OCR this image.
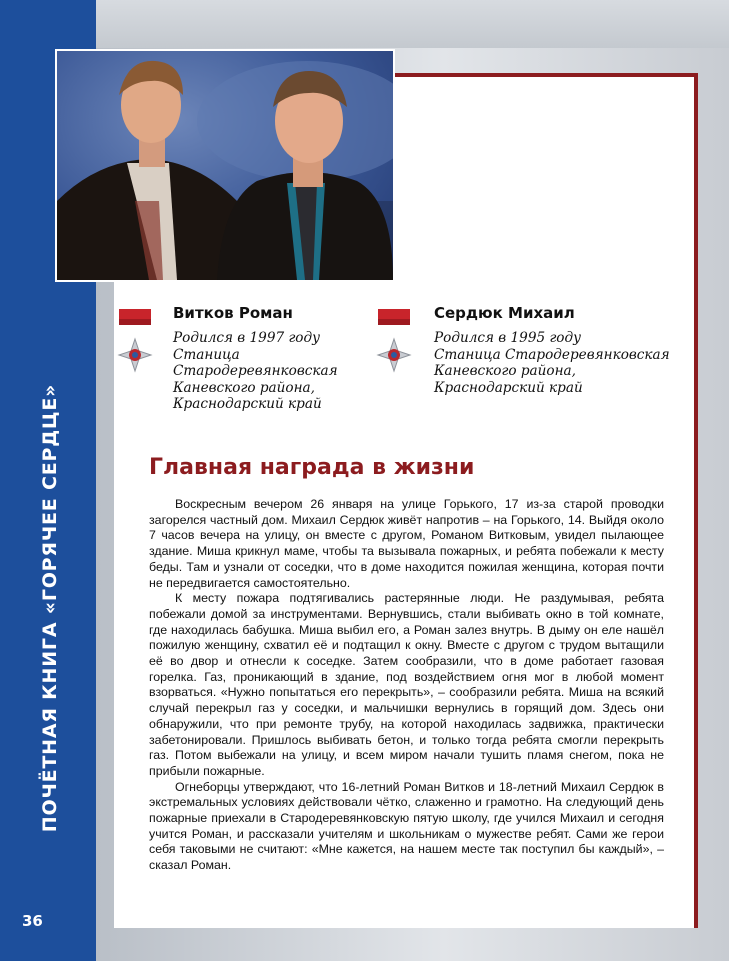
ПОЧЁТНАЯ КНИГА «ГОРЯЧЕЕ СЕРДЦЕ»
36
Витков Роман
Родился в 1997 году
Станица
Стародеревянковская
Каневского района,
Краснодарский край
Сердюк Михаил
Родился в 1995 году
Станица Стародеревянковская
Каневского района,
Краснодарский край
Главная награда в жизни

Воскресным вечером 26 января на улице Горького, 17 из-за старой проводки загорелся частный дом. Михаил Сердюк живёт напротив – на Горького, 14. Выйдя около 7 часов вечера на улицу, он вместе с другом, Романом Витковым, увидел пылающее здание. Миша крикнул маме, чтобы та вызывала пожарных, и ребята побежали к месту беды. Там и узнали от соседки, что в доме находится пожилая женщина, которая почти не передвигается самостоятельно.

К месту пожара подтягивались растерянные люди. Не раздумывая, ребята побежали домой за инструментами. Вернувшись, стали выбивать окно в той комнате, где находилась бабушка. Миша выбил его, а Роман залез внутрь. В дыму он еле нашёл пожилую женщину, схватил её и подтащил к окну. Вместе с другом с трудом вытащили её во двор и отнесли к соседке. Затем сообразили, что в доме работает газовая горелка. Газ, проникающий в здание, под воздействием огня мог в любой момент взорваться. «Нужно попытаться его перекрыть», – сообразили ребята. Миша на всякий случай перекрыл газ у соседки, и мальчишки вернулись в горящий дом. Здесь они обнаружили, что при ремонте трубу, на которой находилась задвижка, практически забетонировали. Пришлось выбивать бетон, и только тогда ребята смогли перекрыть газ. Потом выбежали на улицу, и всем миром начали тушить пламя снегом, пока не прибыли пожарные.

Огнеборцы утверждают, что 16-летний Роман Витков и 18-летний Михаил Сердюк в экстремальных условиях действовали чётко, слаженно и грамотно. На следующий день пожарные приехали в Стародеревянковскую пятую школу, где учился Михаил и сегодня учится Роман, и рассказали учителям и школьникам о мужестве ребят. Сами же герои себя таковыми не считают: «Мне кажется, на нашем месте так поступил бы каждый», – сказал Роман.
